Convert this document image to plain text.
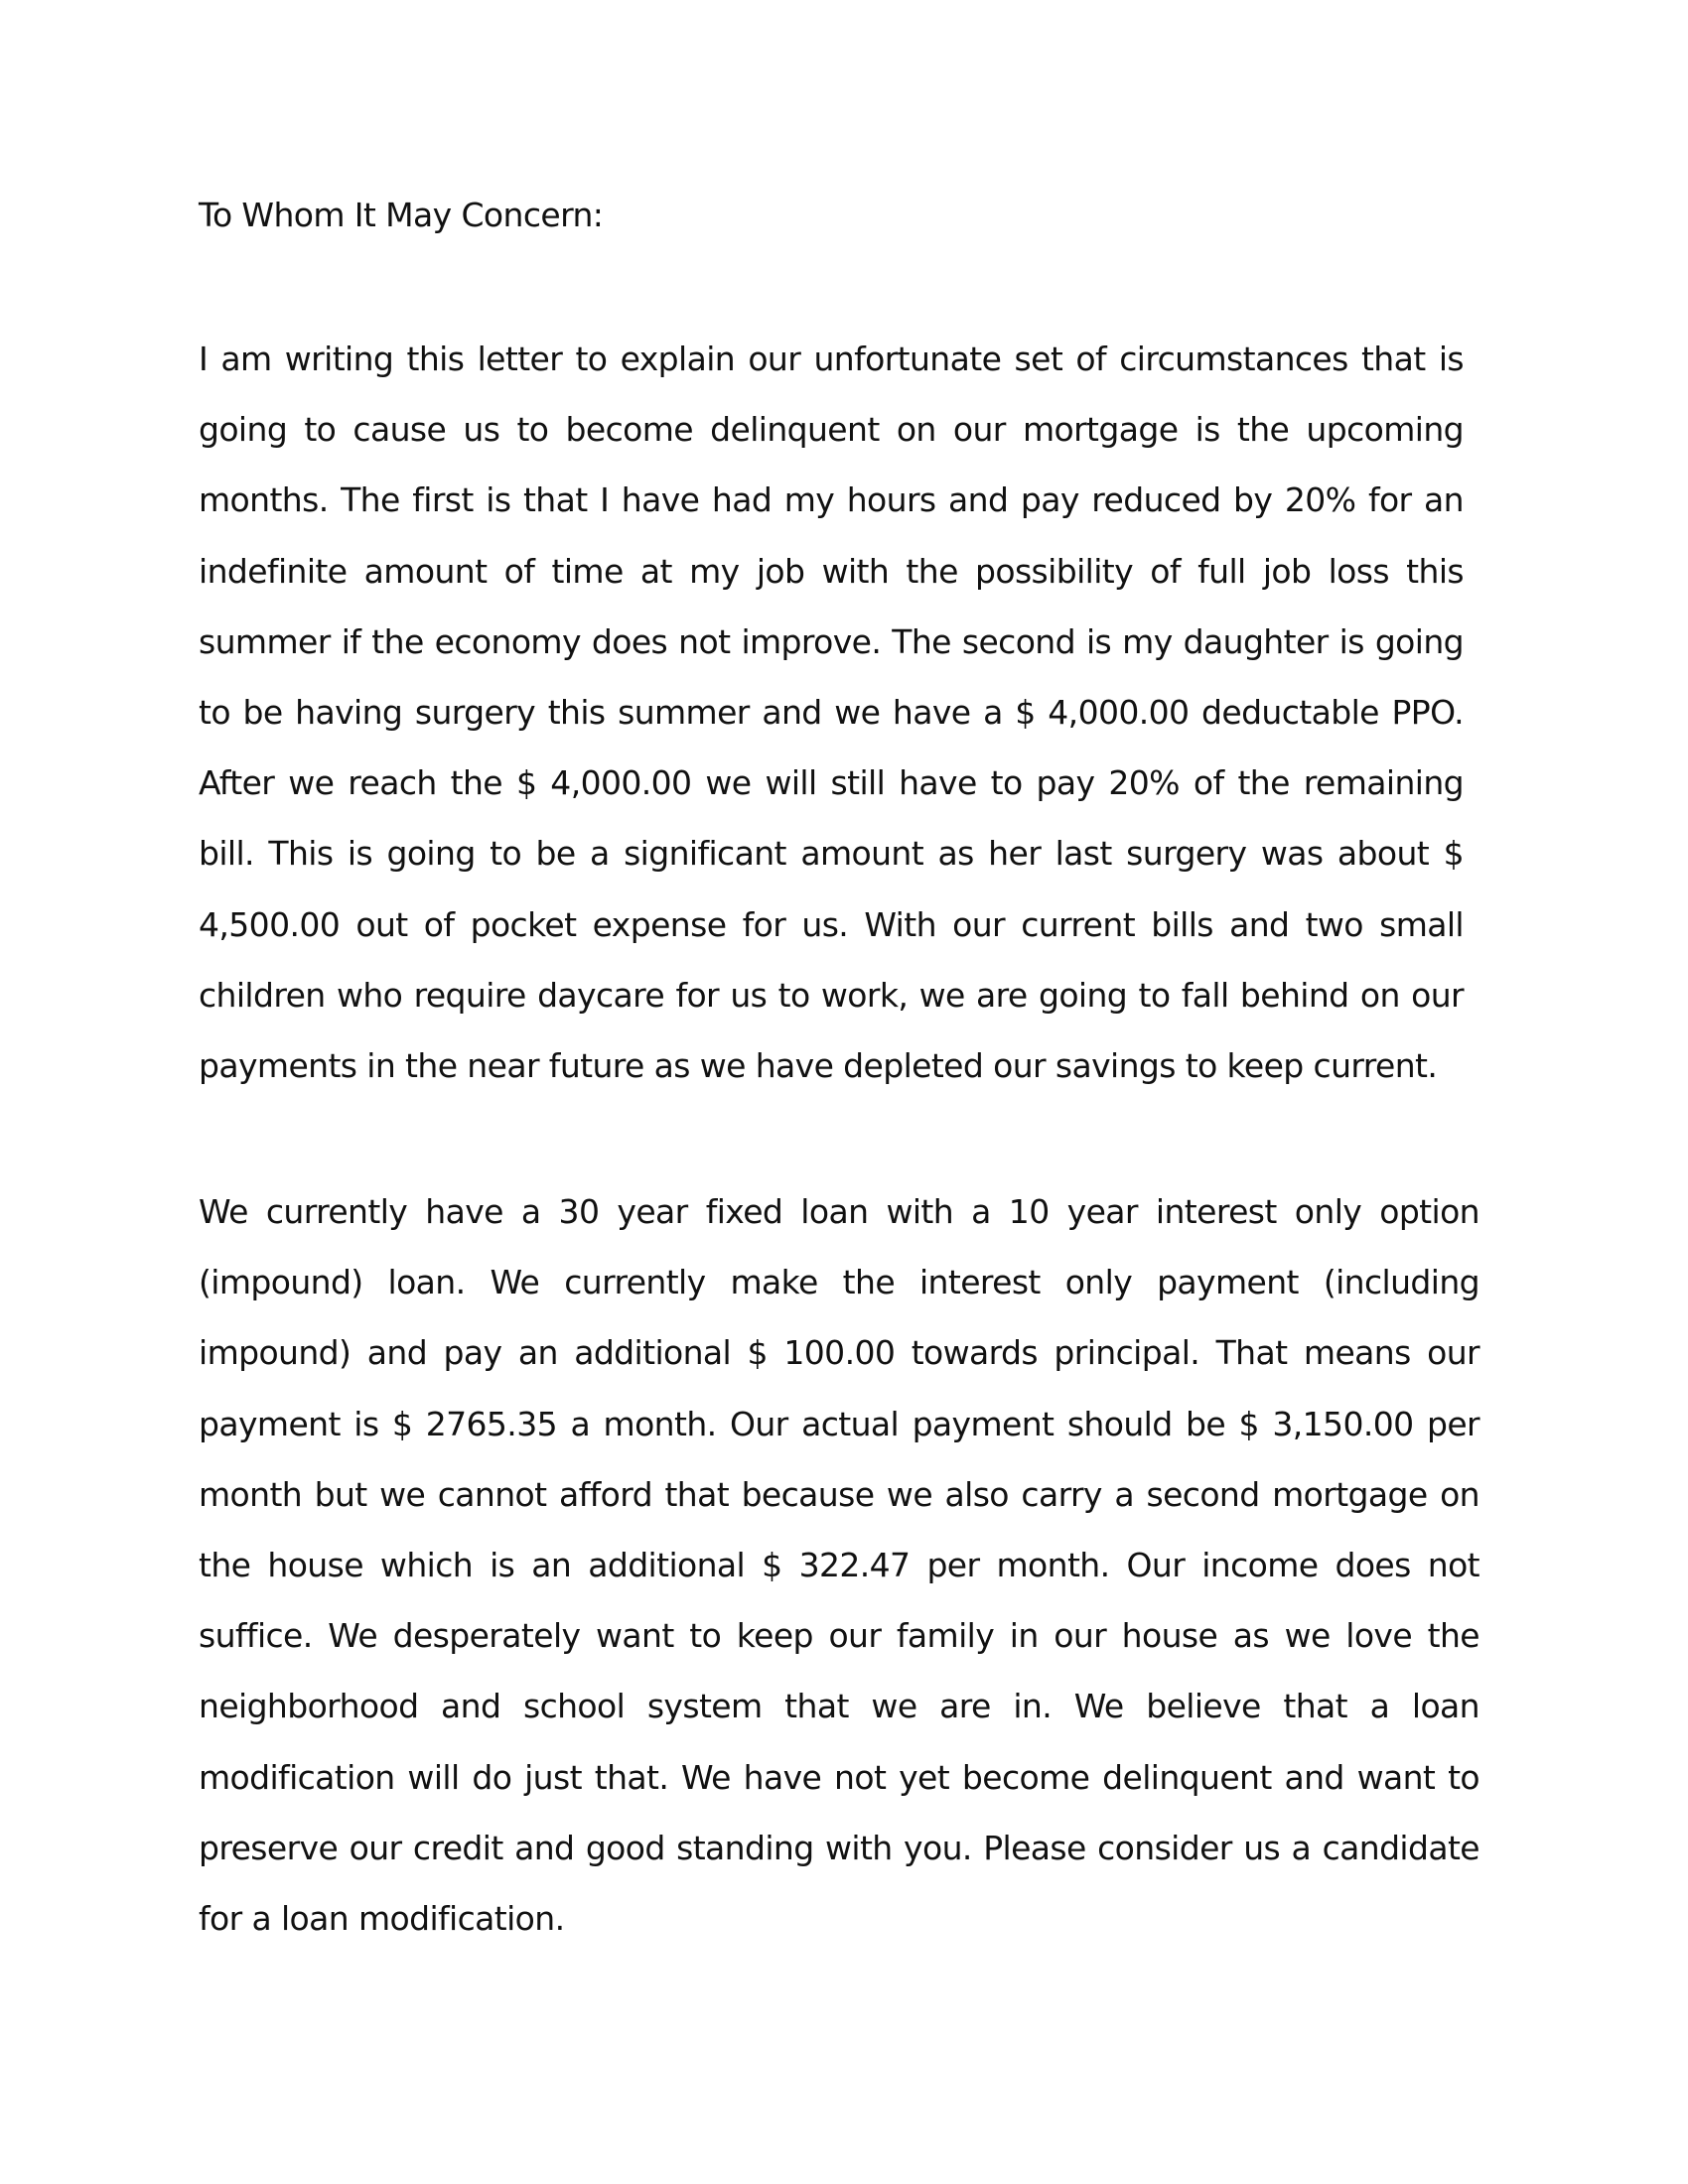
To Whom It May Concern:

I am writing this letter to explain our unfortunate set of circumstances that is going to cause us to become delinquent on our mortgage is the upcoming months. The first is that I have had my hours and pay reduced by 20% for an indefinite amount of time at my job with the possibility of full job loss this summer if the economy does not improve. The second is my daughter is going to be having surgery this summer and we have a $ 4,000.00 deductable PPO. After we reach the $ 4,000.00 we will still have to pay 20% of the remaining bill. This is going to be a significant amount as her last surgery was about $ 4,500.00 out of pocket expense for us. With our current bills and two small children who require daycare for us to work, we are going to fall behind on our payments in the near future as we have depleted our savings to keep current.

We currently have a 30 year fixed loan with a 10 year interest only option (impound) loan. We currently make the interest only payment (including impound) and pay an additional $ 100.00 towards principal. That means our payment is $ 2765.35 a month. Our actual payment should be $ 3,150.00 per month but we cannot afford that because we also carry a second mortgage on the house which is an additional $ 322.47 per month. Our income does not suffice. We desperately want to keep our family in our house as we love the neighborhood and school system that we are in. We believe that a loan modification will do just that. We have not yet become delinquent and want to preserve our credit and good standing with you. Please consider us a candidate for a loan modification.
